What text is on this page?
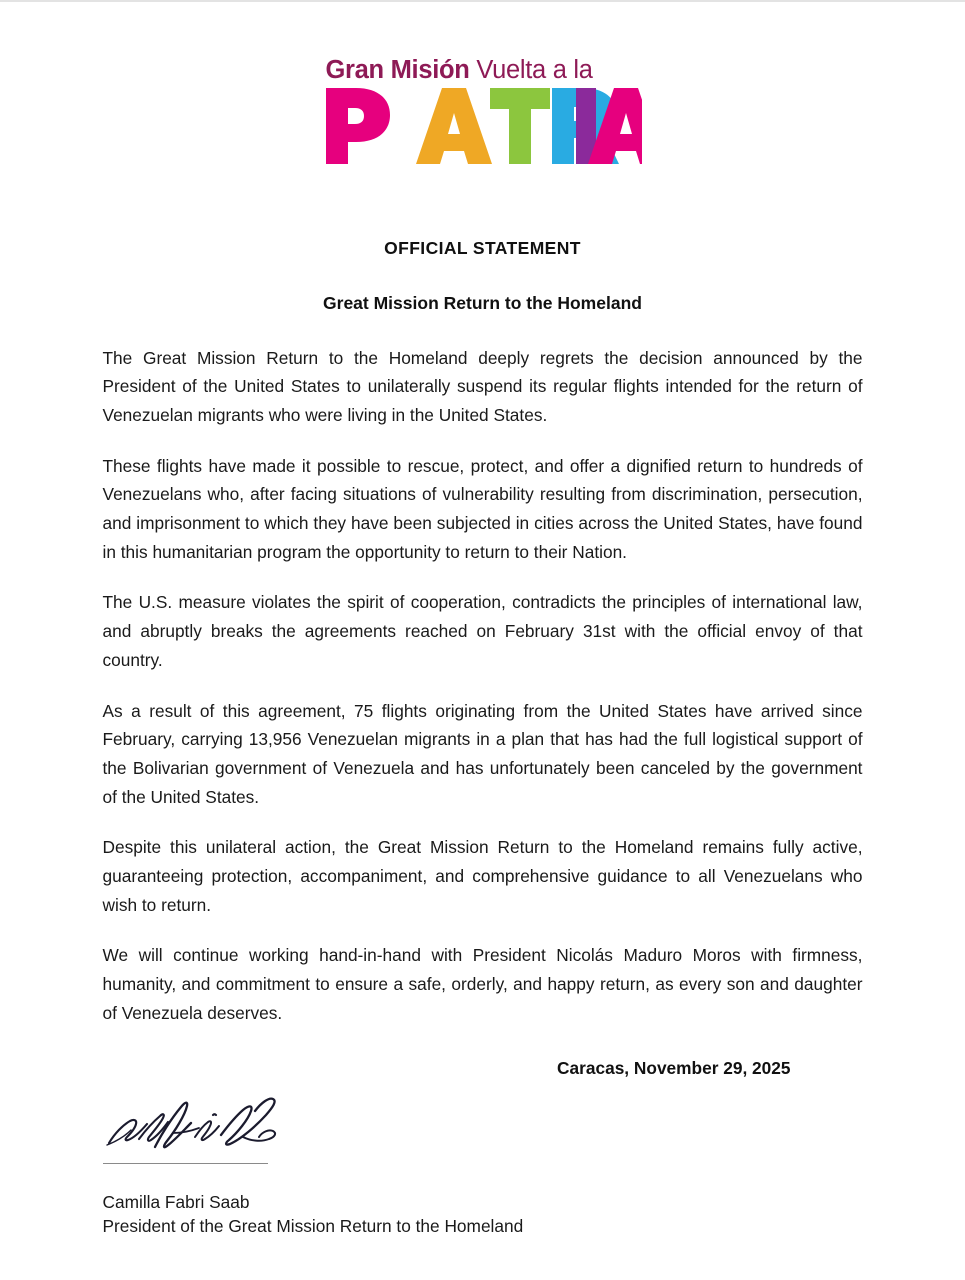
Gran Misión Vuelta a la
OFFICIAL STATEMENT
Great Mission Return to the Homeland

The Great Mission Return to the Homeland deeply regrets the decision announced by the President of the United States to unilaterally suspend its regular flights intended for the return of Venezuelan migrants who were living in the United States.

These flights have made it possible to rescue, protect, and offer a dignified return to hundreds of Venezuelans who, after facing situations of vulnerability resulting from discrimination, persecution, and imprisonment to which they have been subjected in cities across the United States, have found in this humanitarian program the opportunity to return to their Nation.

The U.S. measure violates the spirit of cooperation, contradicts the principles of international law, and abruptly breaks the agreements reached on February 31st with the official envoy of that country.

As a result of this agreement, 75 flights originating from the United States have arrived since February, carrying 13,956 Venezuelan migrants in a plan that has had the full logistical support of the Bolivarian government of Venezuela and has unfortunately been canceled by the government of the United States.

Despite this unilateral action, the Great Mission Return to the Homeland remains fully active, guaranteeing protection, accompaniment, and comprehensive guidance to all Venezuelans who wish to return.

We will continue working hand-in-hand with President Nicolás Maduro Moros with firmness, humanity, and commitment to ensure a safe, orderly, and happy return, as every son and daughter of Venezuela deserves.

Caracas, November 29, 2025
Camilla Fabri Saab
President of the Great Mission Return to the Homeland
